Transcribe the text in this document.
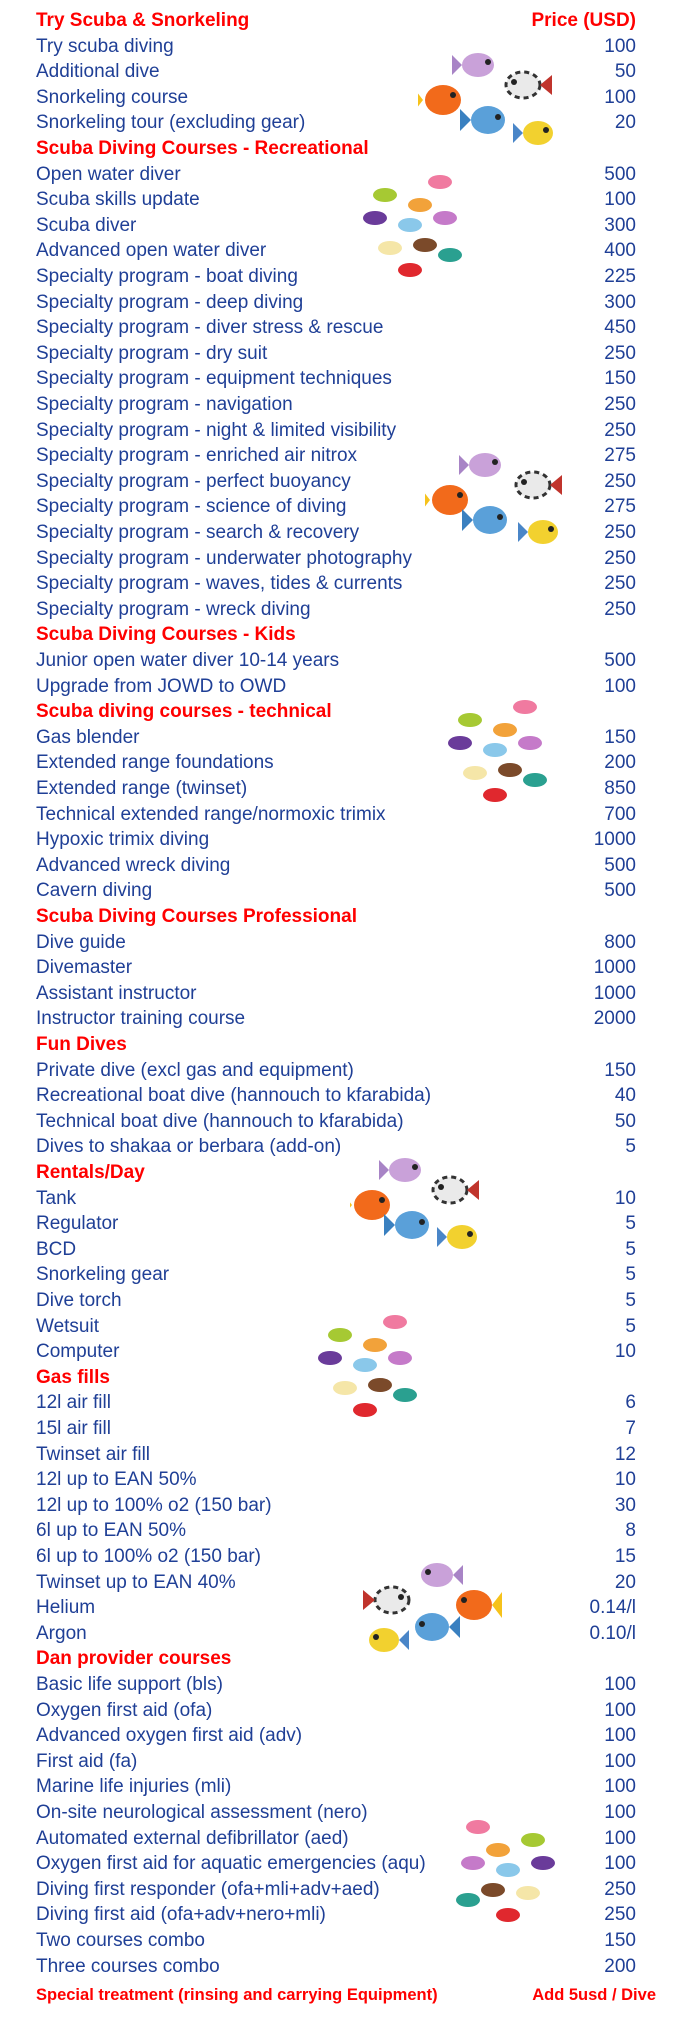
Try Scuba & Snorkeling	Price (USD)
Try scuba diving	100
Additional dive	50
Snorkeling course	100
Snorkeling tour (excluding gear)	20
Scuba Diving Courses - Recreational
Open water diver	500
Scuba skills update	100
Scuba diver	300
Advanced open water diver	400
Specialty program - boat diving	225
Specialty program - deep diving	300
Specialty program - diver stress & rescue	450
Specialty program - dry suit	250
Specialty program - equipment techniques	150
Specialty program - navigation	250
Specialty program - night & limited visibility	250
Specialty program - enriched air nitrox	275
Specialty program - perfect buoyancy	250
Specialty program - science of diving	275
Specialty program - search & recovery	250
Specialty program - underwater photography	250
Specialty program - waves, tides & currents	250
Specialty program - wreck diving	250
Scuba Diving Courses - Kids
Junior open water diver 10-14 years	500
Upgrade from JOWD to OWD	100
Scuba diving courses - technical
Gas blender	150
Extended range foundations	200
Extended range (twinset)	850
Technical extended range/normoxic trimix	700
Hypoxic trimix diving	1000
Advanced wreck diving	500
Cavern diving	500
Scuba Diving Courses Professional
Dive guide	800
Divemaster	1000
Assistant instructor	1000
Instructor training course	2000
Fun Dives
Private dive (excl gas and equipment)	150
Recreational boat dive (hannouch to kfarabida)	40
Technical boat dive (hannouch to kfarabida)	50
Dives to shakaa or berbara (add-on)	5
Rentals/Day
Tank	10
Regulator	5
BCD	5
Snorkeling gear	5
Dive torch	5
Wetsuit	5
Computer	10
Gas fills
12l air fill	6
15l air fill	7
Twinset air fill	12
12l up to EAN 50%	10
12l up to 100% o2 (150 bar)	30
6l up to EAN 50%	8
6l up to 100% o2 (150 bar)	15
Twinset up to EAN 40%	20
Helium	0.14/l
Argon	0.10/l
Dan provider courses
Basic life support (bls)	100
Oxygen first aid (ofa)	100
Advanced oxygen first aid (adv)	100
First aid (fa)	100
Marine life injuries (mli)	100
On-site neurological assessment (nero)	100
Automated external defibrillator (aed)	100
Oxygen first aid for aquatic emergencies (aqu)	100
Diving first responder (ofa+mli+adv+aed)	250
Diving first aid (ofa+adv+nero+mli)	250
Two courses combo	150
Three courses combo	200
Special treatment (rinsing and carrying Equipment)	Add 5usd / Dive
